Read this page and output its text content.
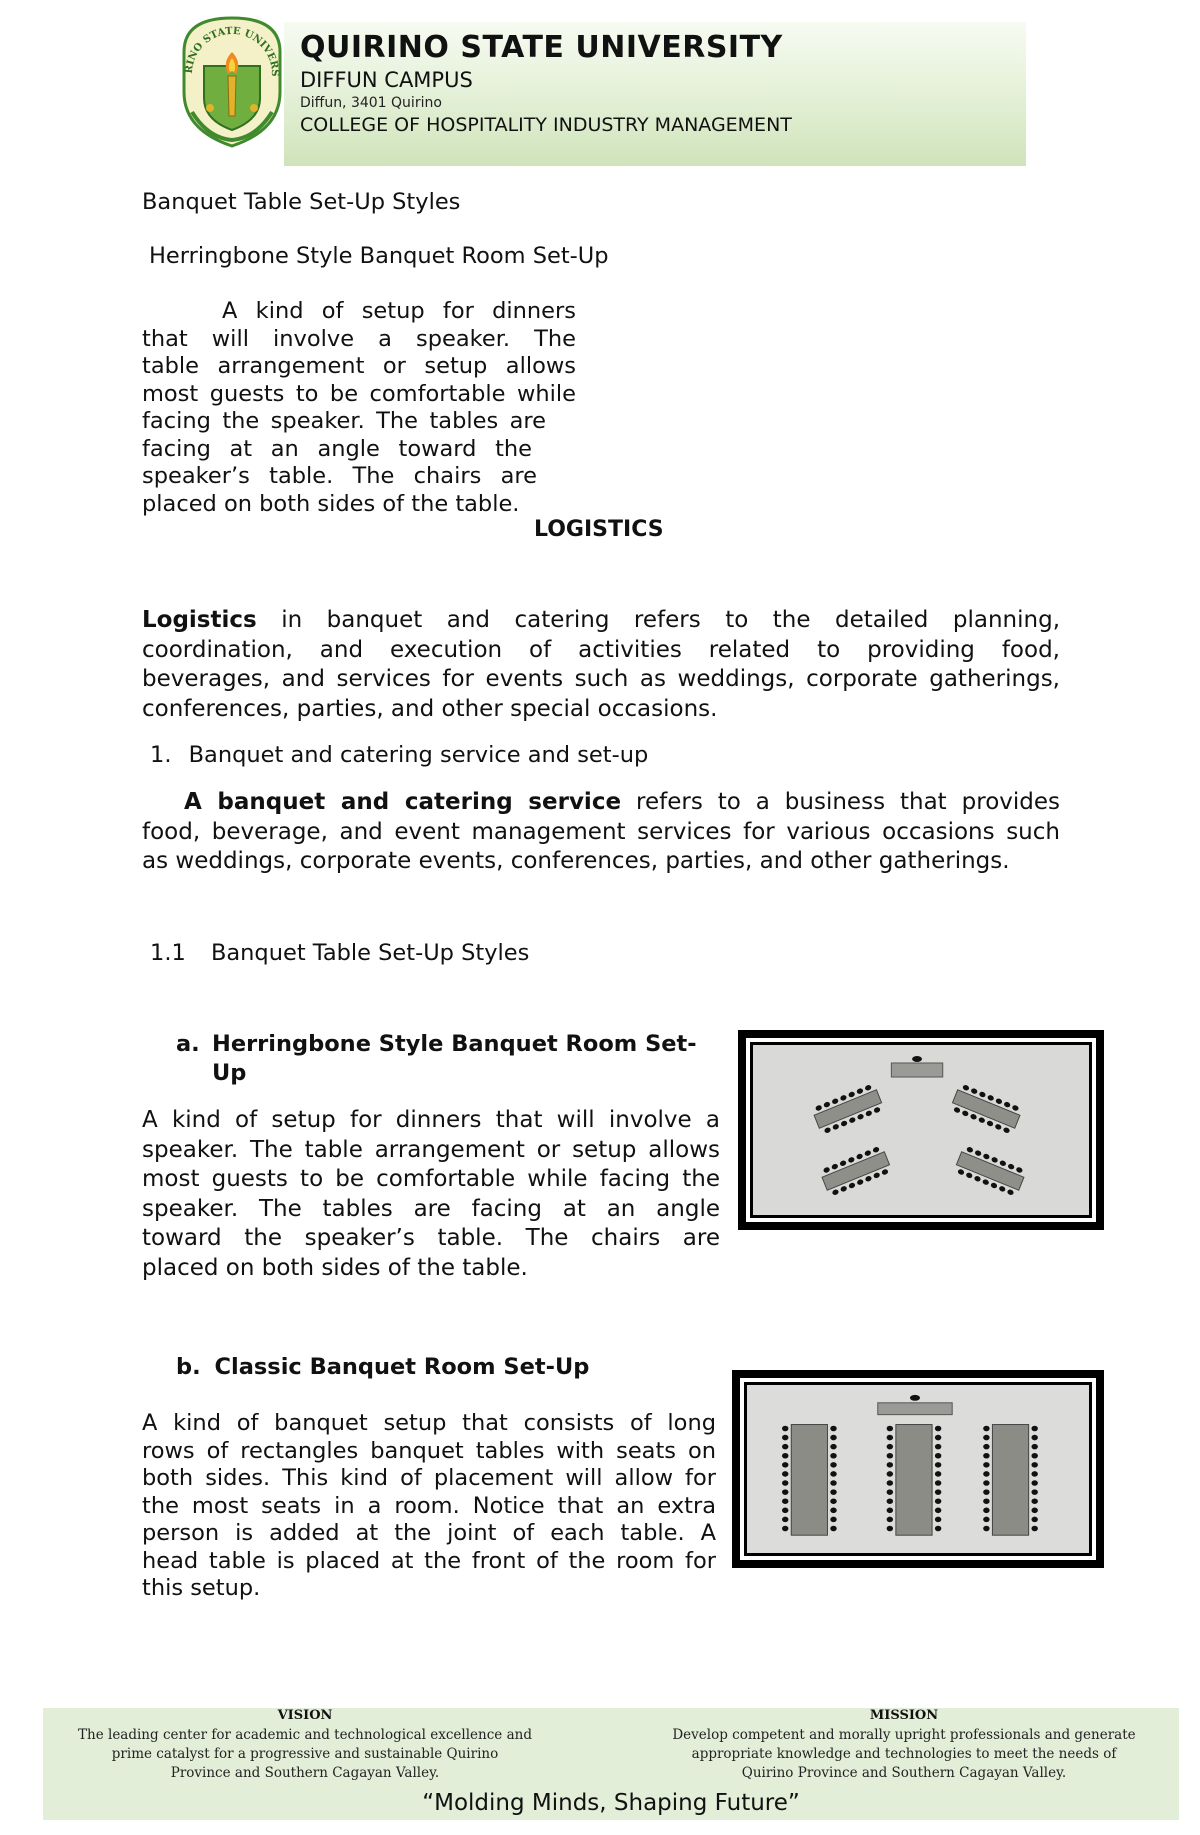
RINO STATE UNIVERS
QUIRINO STATE UNIVERSITY
DIFFUN CAMPUS
Diffun, 3401 Quirino
COLLEGE OF HOSPITALITY INDUSTRY MANAGEMENT
Banquet Table Set-Up Styles
Herringbone Style Banquet Room Set-Up
A kind of setup for dinners
that will involve a speaker. The
table arrangement or setup allows
most guests to be comfortable while
facing the speaker. The tables are
facing at an angle toward the
speaker’s table. The chairs are
placed on both sides of the table.
LOGISTICS
Logistics in banquet and catering refers to the detailed planning,
coordination, and execution of activities related to providing food,
beverages, and services for events such as weddings, corporate gatherings,
conferences, parties, and other special occasions.
1. Banquet and catering service and set-up
A banquet and catering service refers to a business that provides
food, beverage, and event management services for various occasions such
as weddings, corporate events, conferences, parties, and other gatherings.
1.1 Banquet Table Set-Up Styles
a. Herringbone Style Banquet Room Set-
Up
A kind of setup for dinners that will involve a
speaker. The table arrangement or setup allows
most guests to be comfortable while facing the
speaker. The tables are facing at an angle
toward the speaker’s table. The chairs are
placed on both sides of the table.
b. Classic Banquet Room Set-Up
A kind of banquet setup that consists of long
rows of rectangles banquet tables with seats on
both sides. This kind of placement will allow for
the most seats in a room. Notice that an extra
person is added at the joint of each table. A
head table is placed at the front of the room for
this setup.
VISION
The leading center for academic and technological excellence and
prime catalyst for a progressive and sustainable Quirino
Province and Southern Cagayan Valley.
MISSION
Develop competent and morally upright professionals and generate
appropriate knowledge and technologies to meet the needs of
Quirino Province and Southern Cagayan Valley.
“Molding Minds, Shaping Future”
